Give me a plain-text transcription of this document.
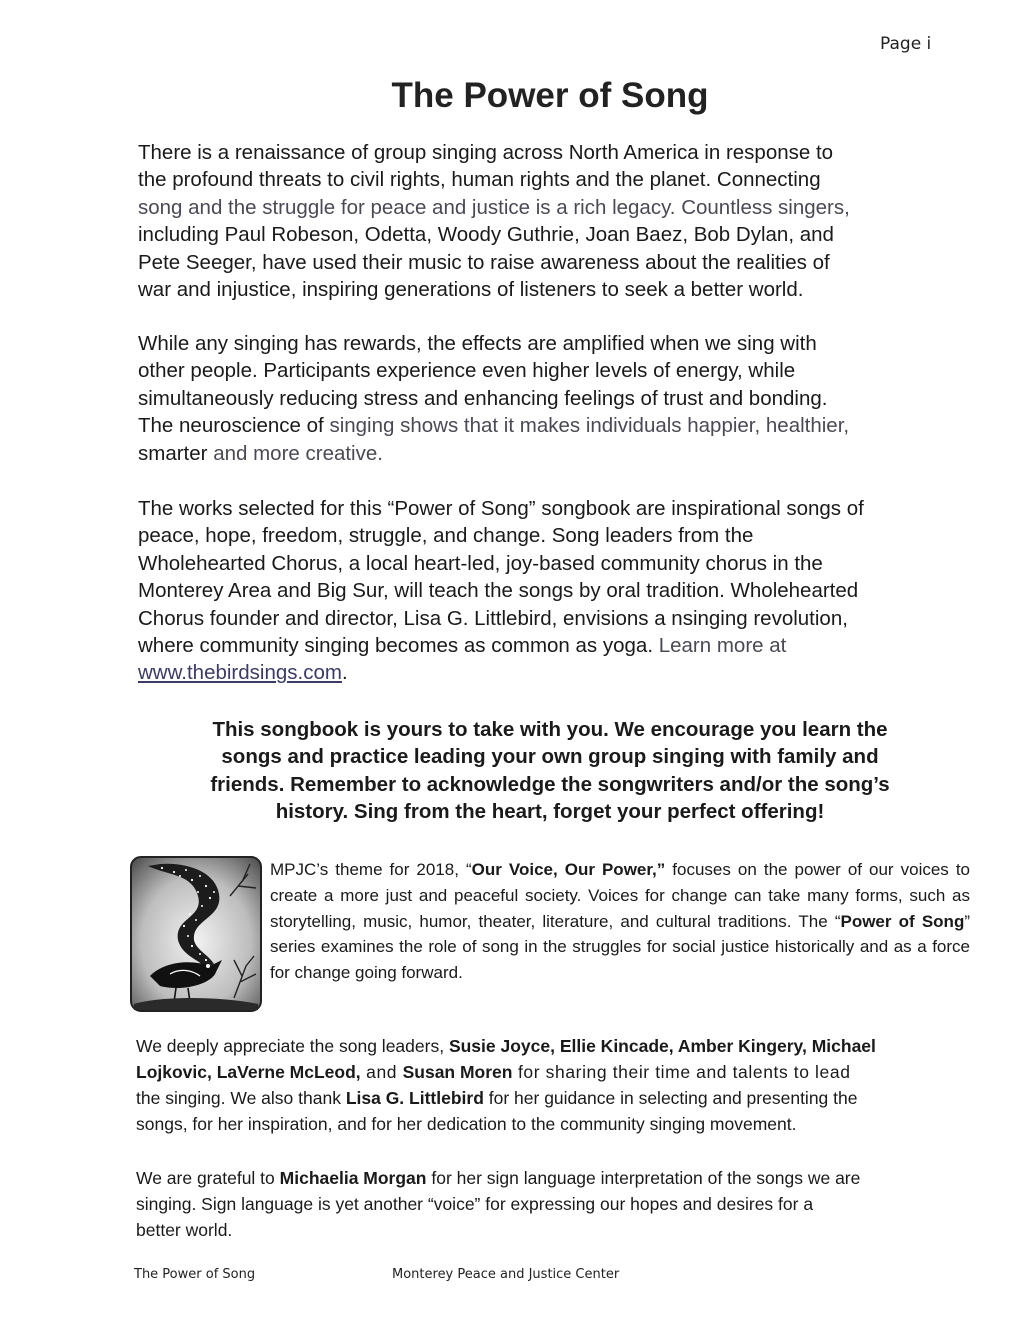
Page i
The Power of Song

There is a renaissance of group singing across North America in response to
the profound threats to civil rights, human rights and the planet. Connecting
song and the struggle for peace and justice is a rich legacy. Countless singers,
including Paul Robeson, Odetta, Woody Guthrie, Joan Baez, Bob Dylan, and
Pete Seeger, have used their music to raise awareness about the realities of
war and injustice, inspiring generations of listeners to seek a better world.

While any singing has rewards, the effects are amplified when we sing with
other people. Participants experience even higher levels of energy, while
simultaneously reducing stress and enhancing feelings of trust and bonding.
The neuroscience of singing shows that it makes individuals happier, healthier,
smarter and more creative.

The works selected for this “Power of Song” songbook are inspirational songs of
peace, hope, freedom, struggle, and change. Song leaders from the
Wholehearted Chorus, a local heart-led, joy-based community chorus in the
Monterey Area and Big Sur, will teach the songs by oral tradition. Wholehearted
Chorus founder and director, Lisa G. Littlebird, envisions a nsinging revolution,
where community singing becomes as common as yoga. Learn more at
www.thebirdsings.com.

This songbook is yours to take with you. We encourage you learn the
songs and practice leading your own group singing with family and
friends. Remember to acknowledge the songwriters and/or the song’s
history. Sing from the heart, forget your perfect offering!

MPJC’s theme for 2018, “Our Voice, Our Power,” focuses on the power of our voices to create a more just and peaceful society. Voices for change can take many forms, such as storytelling, music, humor, theater, literature, and cultural traditions. The “Power of Song” series examines the role of song in the struggles for social justice historically and as a force for change going forward.

We deeply appreciate the song leaders, Susie Joyce, Ellie Kincade, Amber Kingery, Michael
Lojkovic, LaVerne McLeod, and Susan Moren for sharing their time and talents to lead
the singing. We also thank Lisa G. Littlebird for her guidance in selecting and presenting the
songs, for her inspiration, and for her dedication to the community singing movement.

We are grateful to Michaelia Morgan for her sign language interpretation of the songs we are
singing. Sign language is yet another “voice” for expressing our hopes and desires for a
better world.

The Power of Song	Monterey Peace and Justice Center
